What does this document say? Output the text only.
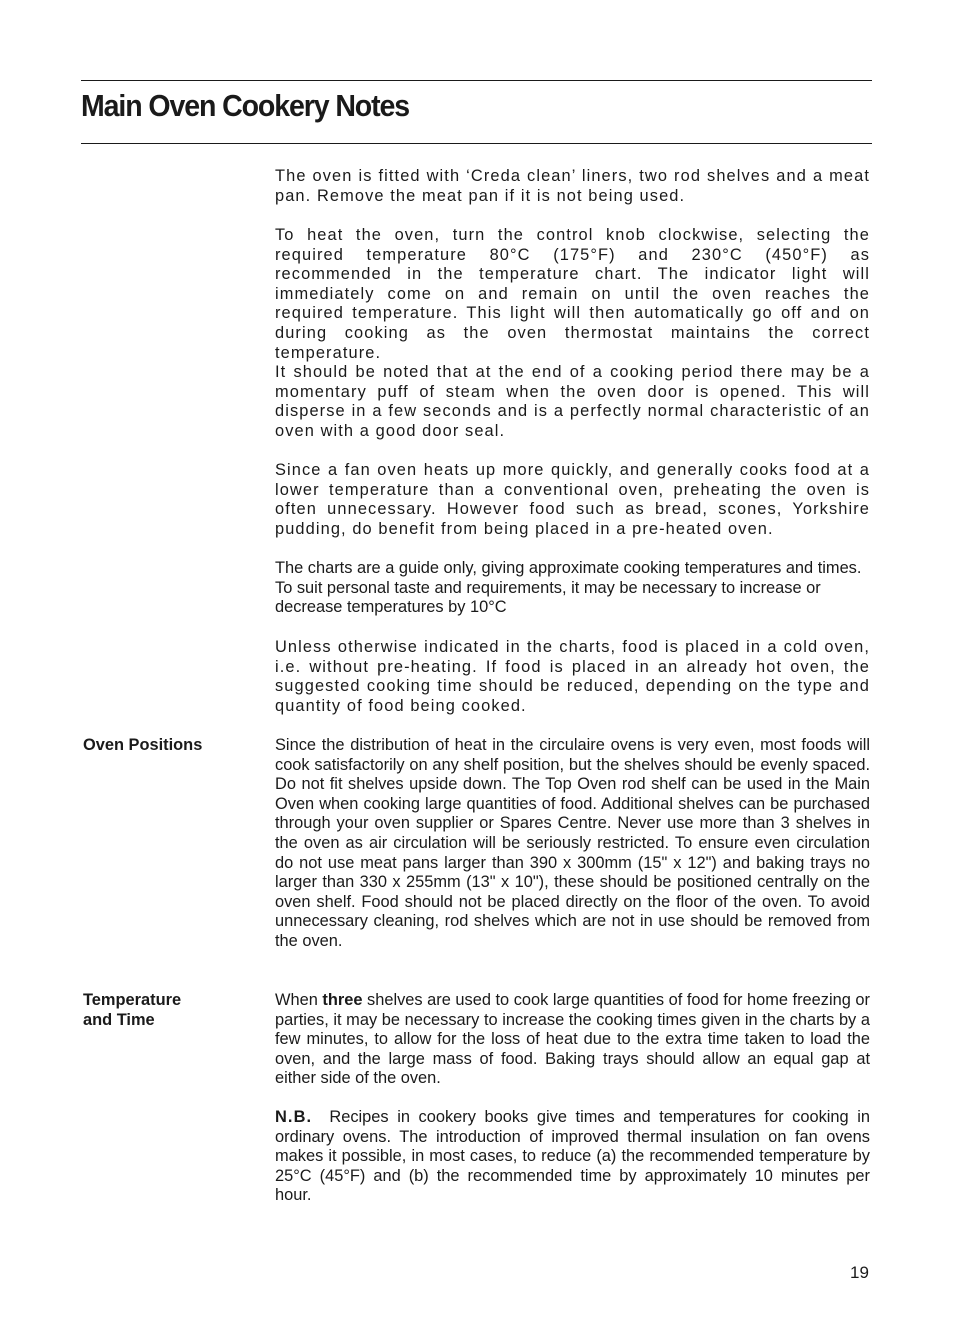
Main Oven Cookery Notes

The oven is fitted with ‘Creda clean’ liners, two rod shelves and a meat pan. Remove the meat pan if it is not being used.

To heat the oven, turn the control knob clockwise, selecting the required temperature 80°C (175°F) and 230°C (450°F) as recommended in the temperature chart. The indicator light will immediately come on and remain on until the oven reaches the required temperature. This light will then automatically go off and on during cooking as the oven thermostat maintains the correct temperature.

It should be noted that at the end of a cooking period there may be a momentary puff of steam when the oven door is opened. This will disperse in a few seconds and is a perfectly normal characteristic of an oven with a good door seal.

Since a fan oven heats up more quickly, and generally cooks food at a lower temperature than a conventional oven, preheating the oven is often unnecessary. However food such as bread, scones, Yorkshire pudding, do benefit from being placed in a pre-heated oven.

The charts are a guide only, giving approximate cooking temperatures and times. To suit personal taste and requirements, it may be necessary to increase or decrease temperatures by 10°C

Unless otherwise indicated in the charts, food is placed in a cold oven, i.e. without pre-heating. If food is placed in an already hot oven, the suggested cooking time should be reduced, depending on the type and quantity of food being cooked.

Oven Positions	Since the distribution of heat in the circulaire ovens is very even, most foods will cook satisfactorily on any shelf position, but the shelves should be evenly spaced. Do not fit shelves upside down. The Top Oven rod shelf can be used in the Main Oven when cooking large quantities of food. Additional shelves can be purchased through your oven supplier or Spares Centre. Never use more than 3 shelves in the oven as air circulation will be seriously restricted. To ensure even circulation do not use meat pans larger than 390 x 300mm (15" x 12") and baking trays no larger than 330 x 255mm (13" x 10"), these should be positioned centrally on the oven shelf. Food should not be placed directly on the floor of the oven. To avoid unnecessary cleaning, rod shelves which are not in use should be removed from the oven.

Temperature
and Time

When three shelves are used to cook large quantities of food for home freezing or parties, it may be necessary to increase the cooking times given in the charts by a few minutes, to allow for the loss of heat due to the extra time taken to load the oven, and the large mass of food. Baking trays should allow an equal gap at either side of the oven.

N.B.  Recipes in cookery books give times and temperatures for cooking in ordinary ovens. The introduction of improved thermal insulation on fan ovens makes it possible, in most cases, to reduce (a) the recommended temperature by 25°C (45°F) and (b) the recommended time by approximately 10 minutes per hour.

19
